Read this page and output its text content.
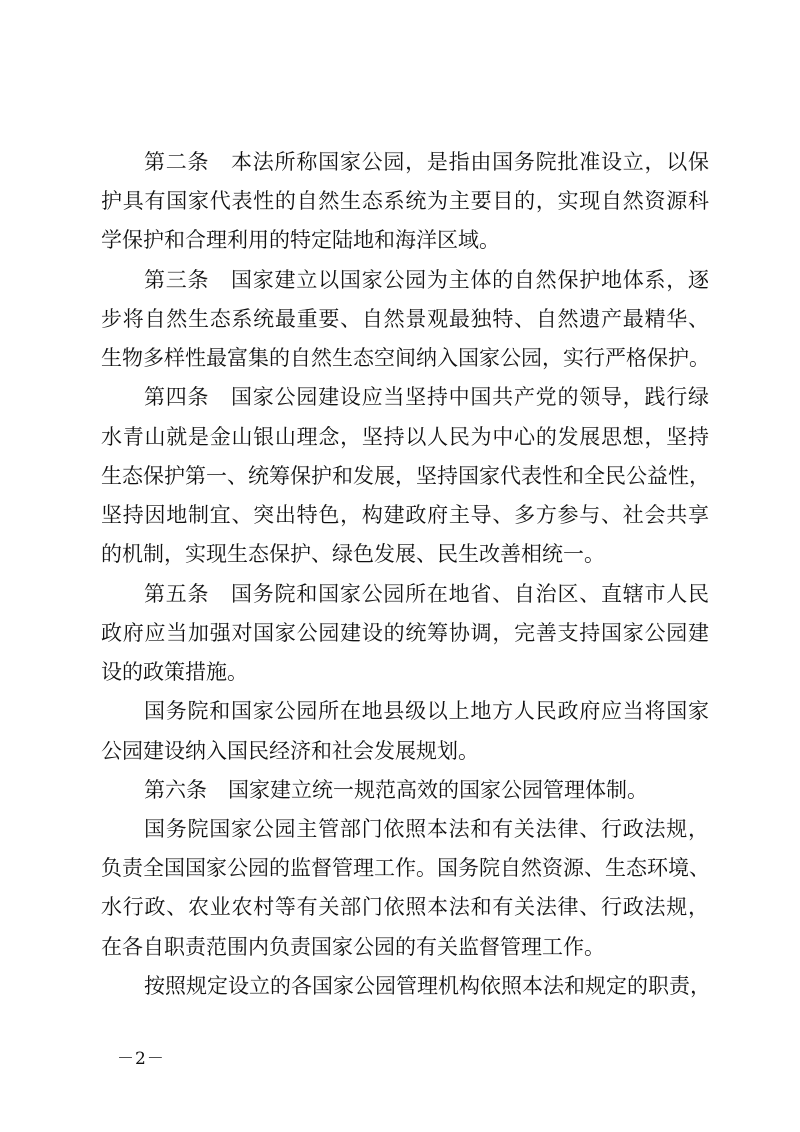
第二条　本法所称国家公园，是指由国务院批准设立，以保
护具有国家代表性的自然生态系统为主要目的，实现自然资源科
学保护和合理利用的特定陆地和海洋区域。
第三条　国家建立以国家公园为主体的自然保护地体系，逐
步将自然生态系统最重要、自然景观最独特、自然遗产最精华、
生物多样性最富集的自然生态空间纳入国家公园，实行严格保护。
第四条　国家公园建设应当坚持中国共产党的领导，践行绿
水青山就是金山银山理念，坚持以人民为中心的发展思想，坚持
生态保护第一、统筹保护和发展，坚持国家代表性和全民公益性，
坚持因地制宜、突出特色，构建政府主导、多方参与、社会共享
的机制，实现生态保护、绿色发展、民生改善相统一。
第五条　国务院和国家公园所在地省、自治区、直辖市人民
政府应当加强对国家公园建设的统筹协调，完善支持国家公园建
设的政策措施。
国务院和国家公园所在地县级以上地方人民政府应当将国家
公园建设纳入国民经济和社会发展规划。
第六条　国家建立统一规范高效的国家公园管理体制。
国务院国家公园主管部门依照本法和有关法律、行政法规，
负责全国国家公园的监督管理工作。国务院自然资源、生态环境、
水行政、农业农村等有关部门依照本法和有关法律、行政法规，
在各自职责范围内负责国家公园的有关监督管理工作。
按照规定设立的各国家公园管理机构依照本法和规定的职责，
－2－
